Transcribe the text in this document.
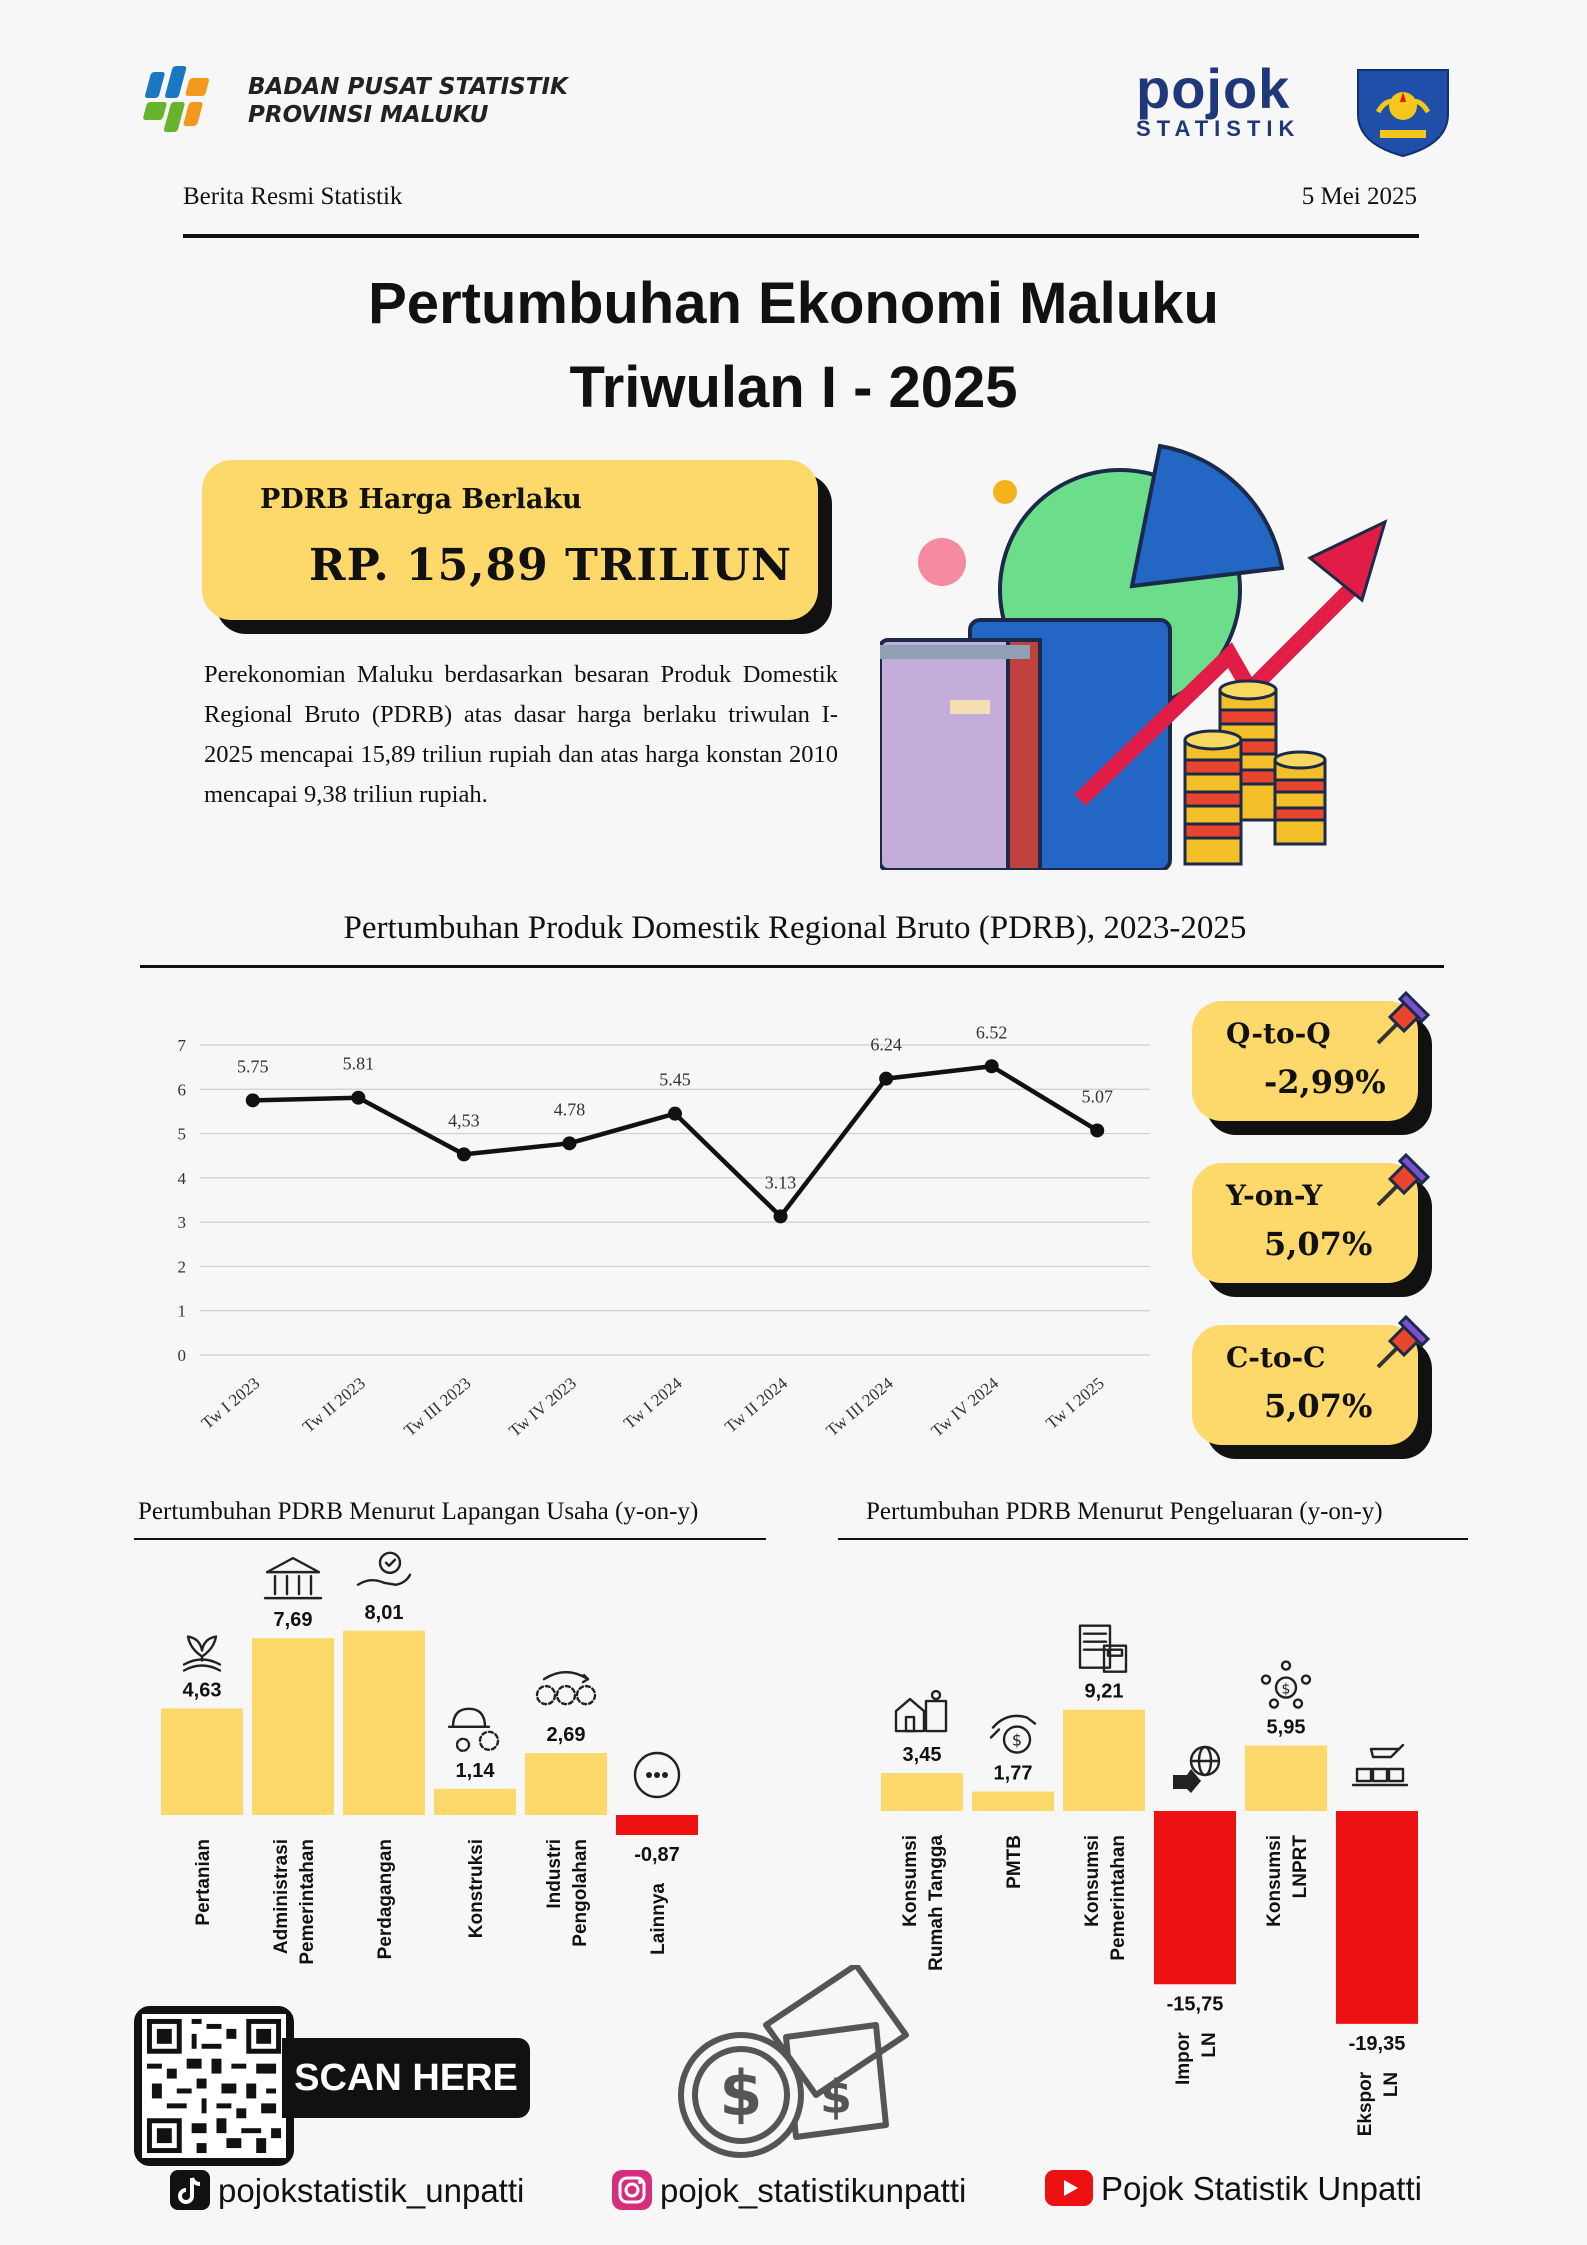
BADAN PUSAT STATISTIK
PROVINSI MALUKU	pojok
STATISTIK
Berita Resmi Statistik	5 Mei 2025
Pertumbuhan Ekonomi Maluku
Triwulan I - 2025
PDRB Harga Berlaku
RP. 15,89 TRILIUN
Perekonomian Maluku berdasarkan besaran Produk Domestik Regional Bruto (PDRB) atas dasar harga berlaku triwulan I-2025 mencapai 15,89 triliun rupiah dan atas harga konstan 2010 mencapai 9,38 triliun rupiah.
Pertumbuhan Produk Domestik Regional Bruto (PDRB), 2023-2025
0
1
2
3
4
5
6
7
5.75
Tw I 2023
5.81
Tw II 2023
4,53
Tw III 2023
4.78
Tw IV 2023
5.45
Tw I 2024
3.13
Tw II 2024
6.24
Tw III 2024
6.52
Tw IV 2024
5.07
Tw I 2025
Q-to-Q
-2,99%
Y-on-Y
5,07%
C-to-C
5,07%
Pertumbuhan PDRB Menurut Lapangan Usaha (y-on-y)	Pertumbuhan PDRB Menurut Pengeluaran (y-on-y)
4,63
Pertanian
7,69
Administrasi Pemerintahan
8,01
Perdagangan
1,14
Konstruksi
2,69
Industri Pengolahan -0,87
Lainnya
3,45
Konsumsi Rumah Tangga
1,77
$
PMTB
9,21
Konsumsi Pemerintahan
-15,75
Impor LN
5,95
$
Konsumsi LNPRT
-19,35
Ekspor LN
SCAN HERE	$ $
pojokstatistik_unpatti	pojok_statistikunpatti	Pojok Statistik Unpatti
